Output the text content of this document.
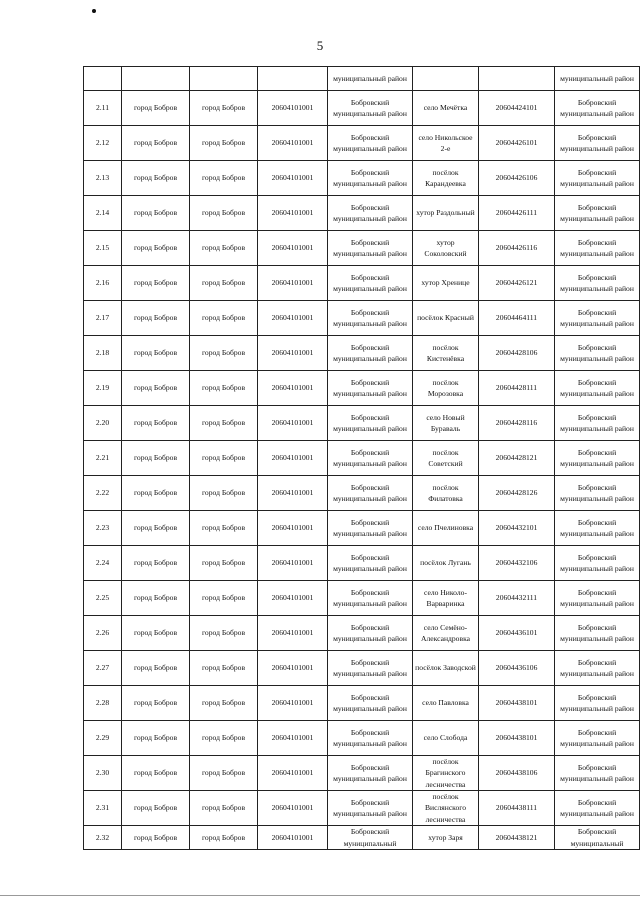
5
				муниципальный район			муниципальный район
2.11	город Бобров	город Бобров	20604101001	Бобровский муниципальный район	село Мечётка	20604424101	Бобровский муниципальный район
2.12	город Бобров	город Бобров	20604101001	Бобровский муниципальный район	село Никольское 2-е	20604426101	Бобровский муниципальный район
2.13	город Бобров	город Бобров	20604101001	Бобровский муниципальный район	посёлок Карандеевка	20604426106	Бобровский муниципальный район
2.14	город Бобров	город Бобров	20604101001	Бобровский муниципальный район	хутор Раздольный	20604426111	Бобровский муниципальный район
2.15	город Бобров	город Бобров	20604101001	Бобровский муниципальный район	хутор Соколовский	20604426116	Бобровский муниципальный район
2.16	город Бобров	город Бобров	20604101001	Бобровский муниципальный район	хутор Хреницe	20604426121	Бобровский муниципальный район
2.17	город Бобров	город Бобров	20604101001	Бобровский муниципальный район	посёлок Красный	20604464111	Бобровский муниципальный район
2.18	город Бобров	город Бобров	20604101001	Бобровский муниципальный район	посёлок Кистенёвка	20604428106	Бобровский муниципальный район
2.19	город Бобров	город Бобров	20604101001	Бобровский муниципальный район	посёлок Морозовка	20604428111	Бобровский муниципальный район
2.20	город Бобров	город Бобров	20604101001	Бобровский муниципальный район	село Новый Бураваль	20604428116	Бобровский муниципальный район
2.21	город Бобров	город Бобров	20604101001	Бобровский муниципальный район	посёлок Советский	20604428121	Бобровский муниципальный район
2.22	город Бобров	город Бобров	20604101001	Бобровский муниципальный район	посёлок Филатовка	20604428126	Бобровский муниципальный район
2.23	город Бобров	город Бобров	20604101001	Бобровский муниципальный район	село Пчелиновка	20604432101	Бобровский муниципальный район
2.24	город Бобров	город Бобров	20604101001	Бобровский муниципальный район	посёлок Лугань	20604432106	Бобровский муниципальный район
2.25	город Бобров	город Бобров	20604101001	Бобровский муниципальный район	село Николо-Варваринка	20604432111	Бобровский муниципальный район
2.26	город Бобров	город Бобров	20604101001	Бобровский муниципальный район	село Семёно-Александровка	20604436101	Бобровский муниципальный район
2.27	город Бобров	город Бобров	20604101001	Бобровский муниципальный район	посёлок Заводской	20604436106	Бобровский муниципальный район
2.28	город Бобров	город Бобров	20604101001	Бобровский муниципальный район	село Павловка	20604438101	Бобровский муниципальный район
2.29	город Бобров	город Бобров	20604101001	Бобровский муниципальный район	село Слобода	20604438101	Бобровский муниципальный район
2.30	город Бобров	город Бобров	20604101001	Бобровский муниципальный район	посёлок Брагинского лесничества	20604438106	Бобровский муниципальный район
2.31	город Бобров	город Бобров	20604101001	Бобровский муниципальный район	посёлок Вислянского лесничества	20604438111	Бобровский муниципальный район
2.32	город Бобров	город Бобров	20604101001	Бобровский муниципальный	хутор Заря	20604438121	Бобровский муниципальный
